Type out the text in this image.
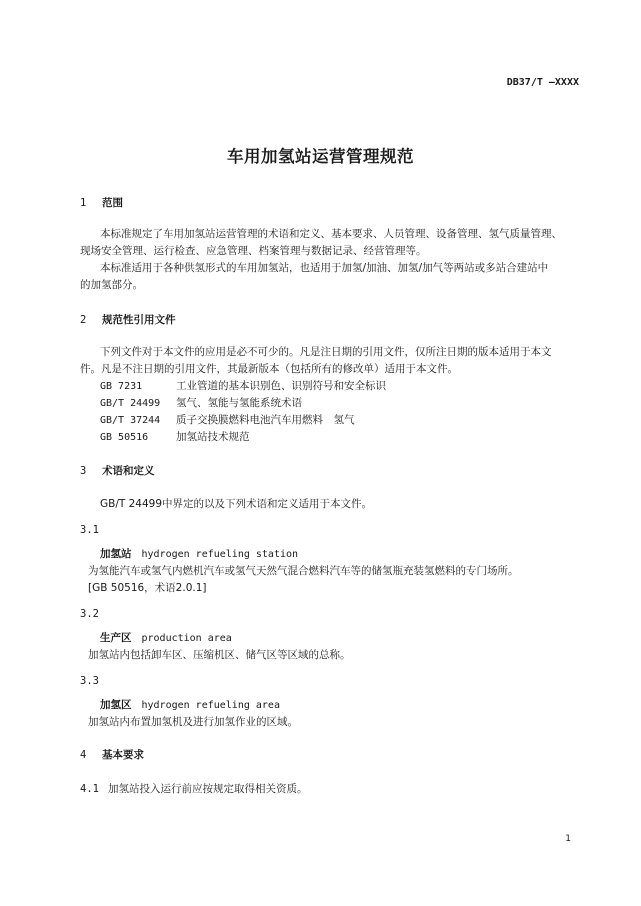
DB37/T —XXXX
车用加氢站运营管理规范
1 范围
本标准规定了车用加氢站运营管理的术语和定义、基本要求、人员管理、设备管理、氢气质量管理、
现场安全管理、运行检查、应急管理、档案管理与数据记录、经营管理等。
本标准适用于各种供氢形式的车用加氢站，也适用于加氢/加油、加氢/加气等两站或多站合建站中
的加氢部分。
2 规范性引用文件
下列文件对于本文件的应用是必不可少的。凡是注日期的引用文件，仅所注日期的版本适用于本文
件。凡是不注日期的引用文件，其最新版本（包括所有的修改单）适用于本文件。
GB 7231	工业管道的基本识别色、识别符号和安全标识
GB/T 24499 氢气、氢能与氢能系统术语
GB/T 37244 质子交换膜燃料电池汽车用燃料　氢气
GB 50516	加氢站技术规范
3 术语和定义
GB/T 24499中界定的以及下列术语和定义适用于本文件。
3.1
加氢站 hydrogen refueling station
为氢能汽车或氢气内燃机汽车或氢气天然气混合燃料汽车等的储氢瓶充装氢燃料的专门场所。
[GB 50516，术语2.0.1]
3.2
生产区 production area
加氢站内包括卸车区、压缩机区、储气区等区域的总称。
3.3
加氢区 hydrogen refueling area
加氢站内布置加氢机及进行加氢作业的区域。
4 基本要求
4.1 加氢站投入运行前应按规定取得相关资质。
1
